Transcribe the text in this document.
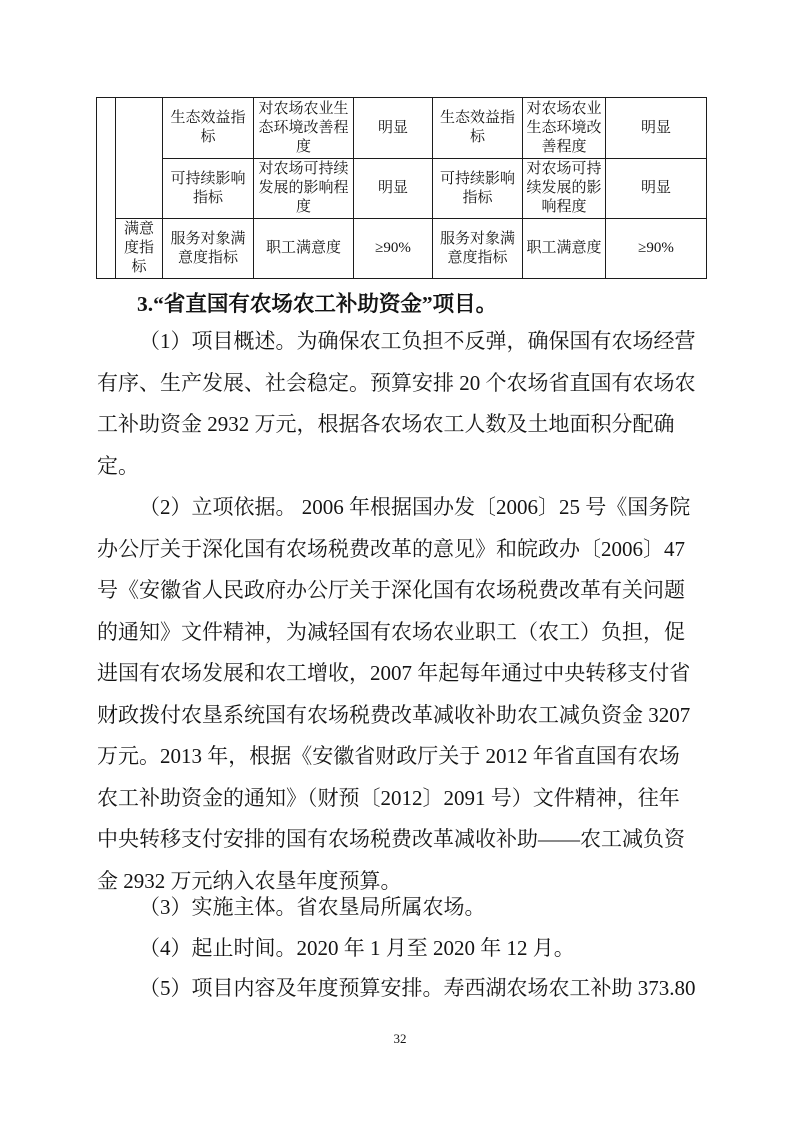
		生态效益指标	对农场农业生态环境改善程度	明显	生态效益指标	对农场农业生态环境改善程度	明显
		可持续影响指标	对农场可持续发展的影响程度	明显	可持续影响指标	对农场可持续发展的影响程度	明显
	满意度指标	服务对象满意度指标	职工满意度	≥90%	服务对象满意度指标	职工满意度	≥90%
3.“省直国有农场农工补助资金”项目。
（1）项目概述。为确保农工负担不反弹，确保国有农场经营
有序、生产发展、社会稳定。预算安排 20 个农场省直国有农场农
工补助资金 2932 万元，根据各农场农工人数及土地面积分配确
定。
（2）立项依据。 2006 年根据国办发〔2006〕25 号《国务院
办公厅关于深化国有农场税费改革的意见》和皖政办〔2006〕47
号《安徽省人民政府办公厅关于深化国有农场税费改革有关问题
的通知》文件精神，为减轻国有农场农业职工（农工）负担，促
进国有农场发展和农工增收，2007 年起每年通过中央转移支付省
财政拨付农垦系统国有农场税费改革减收补助农工减负资金 3207
万元。2013 年，根据《安徽省财政厅关于 2012 年省直国有农场
农工补助资金的通知》（财预〔2012〕2091 号）文件精神，往年
中央转移支付安排的国有农场税费改革减收补助——农工减负资
金 2932 万元纳入农垦年度预算。
（3）实施主体。省农垦局所属农场。
（4）起止时间。2020 年 1 月至 2020 年 12 月。
（5）项目内容及年度预算安排。寿西湖农场农工补助 373.80
32
